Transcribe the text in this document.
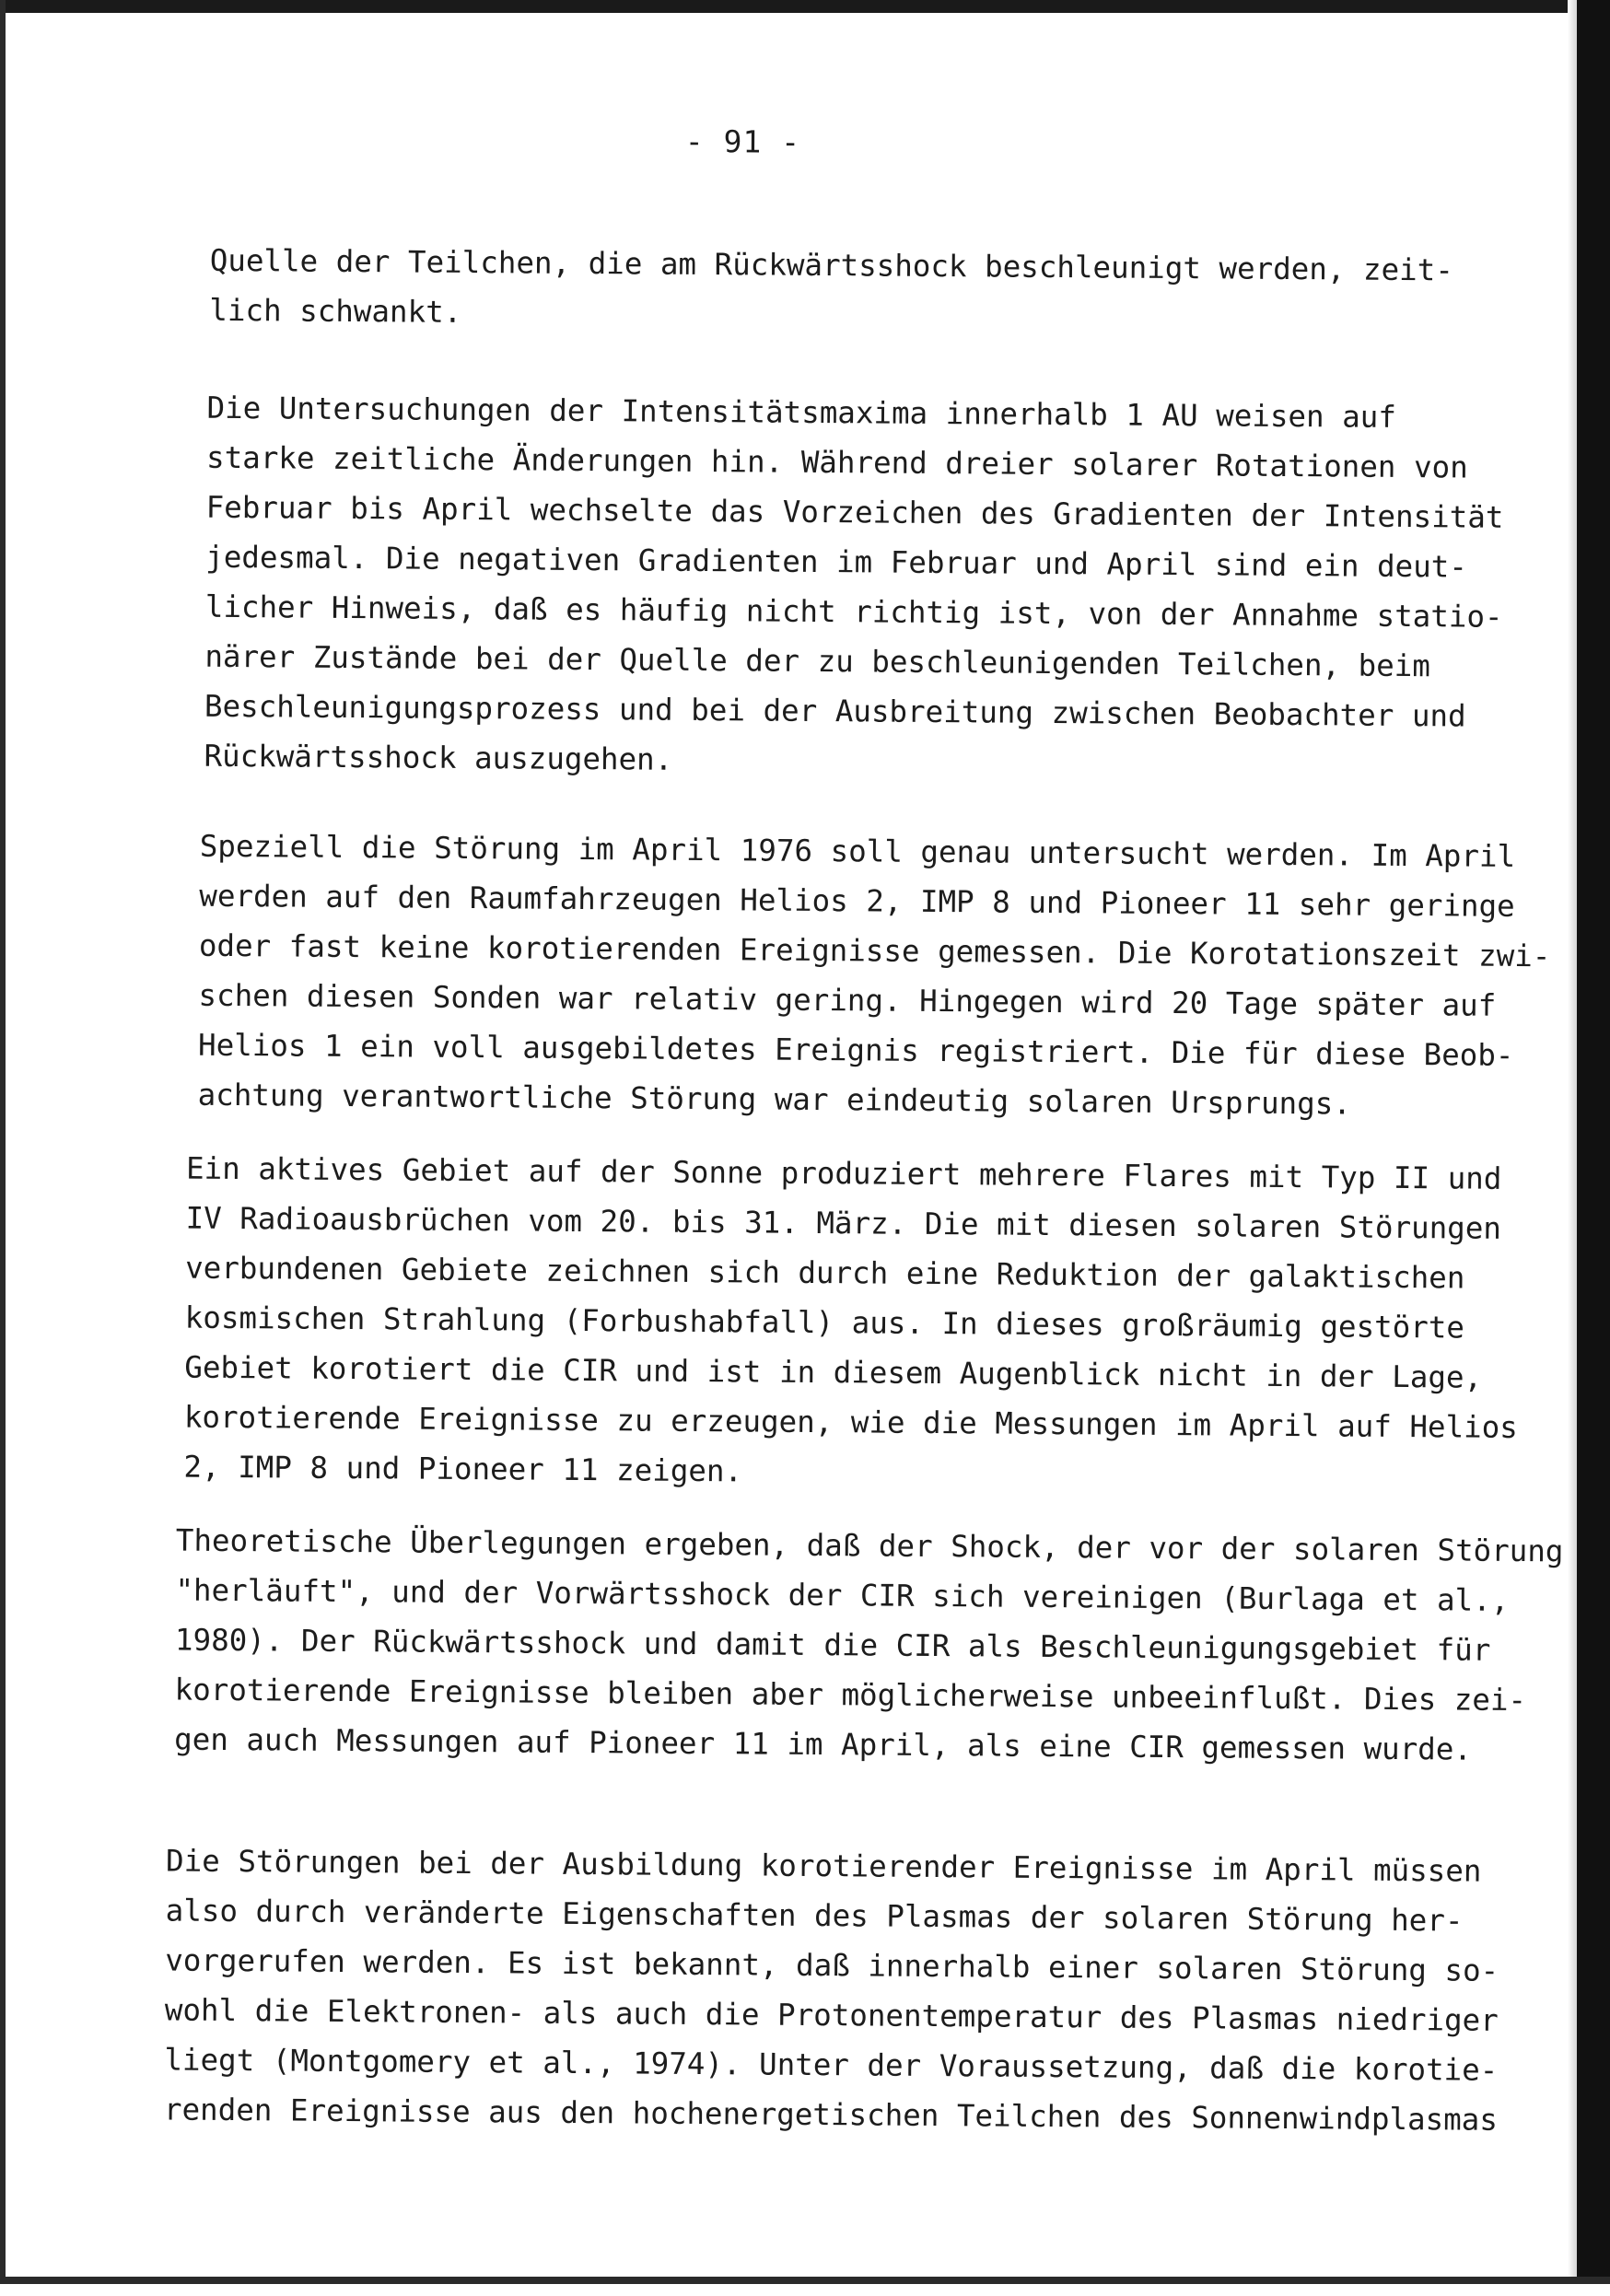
- 91 -
Quelle der Teilchen, die am Rückwärtsshock beschleunigt werden, zeit-
lich schwankt.
Die Untersuchungen der Intensitätsmaxima innerhalb 1 AU weisen auf
starke zeitliche Änderungen hin. Während dreier solarer Rotationen von
Februar bis April wechselte das Vorzeichen des Gradienten der Intensität
jedesmal. Die negativen Gradienten im Februar und April sind ein deut-
licher Hinweis, daß es häufig nicht richtig ist, von der Annahme statio-
närer Zustände bei der Quelle der zu beschleunigenden Teilchen, beim
Beschleunigungsprozess und bei der Ausbreitung zwischen Beobachter und
Rückwärtsshock auszugehen.
Speziell die Störung im April 1976 soll genau untersucht werden. Im April
werden auf den Raumfahrzeugen Helios 2, IMP 8 und Pioneer 11 sehr geringe
oder fast keine korotierenden Ereignisse gemessen. Die Korotationszeit zwi-
schen diesen Sonden war relativ gering. Hingegen wird 20 Tage später auf
Helios 1 ein voll ausgebildetes Ereignis registriert. Die für diese Beob-
achtung verantwortliche Störung war eindeutig solaren Ursprungs.
Ein aktives Gebiet auf der Sonne produziert mehrere Flares mit Typ II und
IV Radioausbrüchen vom 20. bis 31. März. Die mit diesen solaren Störungen
verbundenen Gebiete zeichnen sich durch eine Reduktion der galaktischen
kosmischen Strahlung (Forbushabfall) aus. In dieses großräumig gestörte
Gebiet korotiert die CIR und ist in diesem Augenblick nicht in der Lage,
korotierende Ereignisse zu erzeugen, wie die Messungen im April auf Helios
2, IMP 8 und Pioneer 11 zeigen.
Theoretische Überlegungen ergeben, daß der Shock, der vor der solaren Störung
"herläuft", und der Vorwärtsshock der CIR sich vereinigen (Burlaga et al.,
1980). Der Rückwärtsshock und damit die CIR als Beschleunigungsgebiet für
korotierende Ereignisse bleiben aber möglicherweise unbeeinflußt. Dies zei-
gen auch Messungen auf Pioneer 11 im April, als eine CIR gemessen wurde.
Die Störungen bei der Ausbildung korotierender Ereignisse im April müssen
also durch veränderte Eigenschaften des Plasmas der solaren Störung her-
vorgerufen werden. Es ist bekannt, daß innerhalb einer solaren Störung so-
wohl die Elektronen- als auch die Protonentemperatur des Plasmas niedriger
liegt (Montgomery et al., 1974). Unter der Voraussetzung, daß die korotie-
renden Ereignisse aus den hochenergetischen Teilchen des Sonnenwindplasmas
